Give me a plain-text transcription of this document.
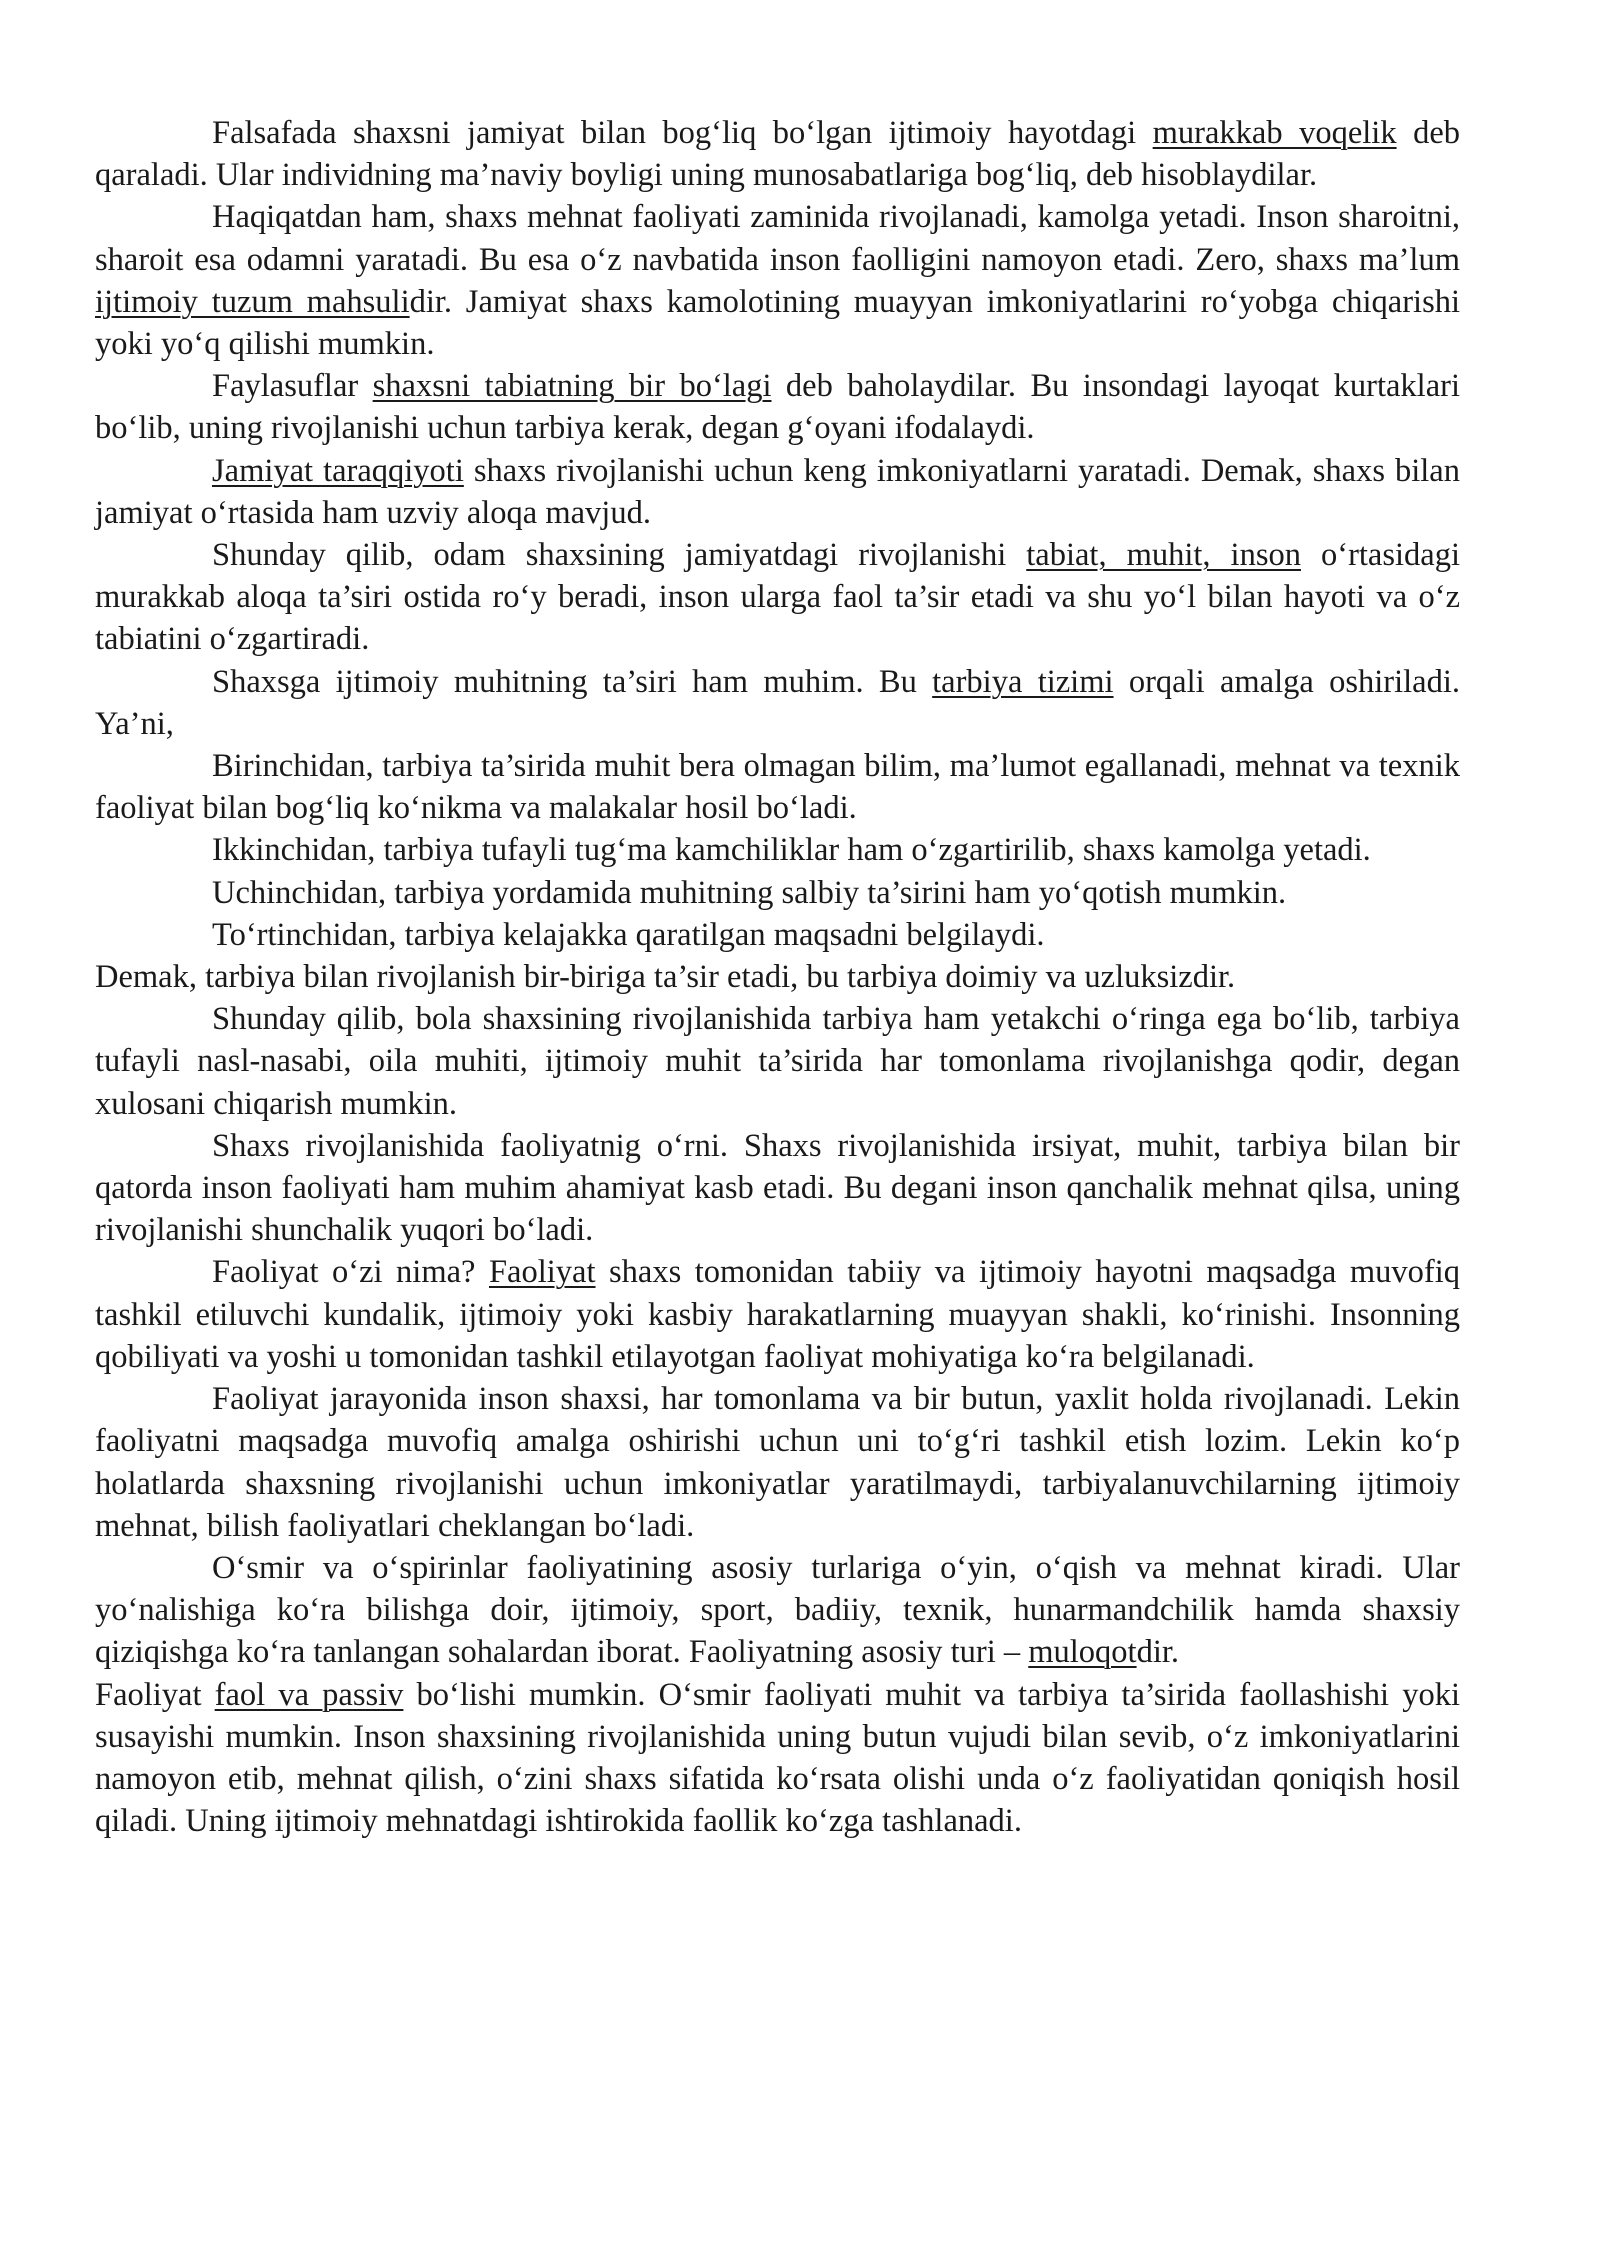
Falsafada shaxsni jamiyat bilan bog‘liq bo‘lgan ijtimoiy hayotdagi murakkab voqelik deb qaraladi. Ular individning ma’naviy boyligi uning munosabatlariga bog‘liq, deb hisoblaydilar.

Haqiqatdan ham, shaxs mehnat faoliyati zaminida rivojlanadi, kamolga yetadi. Inson sharoitni, sharoit esa odamni yaratadi. Bu esa o‘z navbatida inson faolligini namoyon etadi. Zero, shaxs ma’lum ijtimoiy tuzum mahsulidir. Jamiyat shaxs kamolotining muayyan imkoniyatlarini ro‘yobga chiqarishi yoki yo‘q qilishi mumkin.

Faylasuflar shaxsni tabiatning bir bo‘lagi deb baholaydilar. Bu insondagi layoqat kurtaklari bo‘lib, uning rivojlanishi uchun tarbiya kerak, degan g‘oyani ifodalaydi.

Jamiyat taraqqiyoti shaxs rivojlanishi uchun keng imkoniyatlarni yaratadi. Demak, shaxs bilan jamiyat o‘rtasida ham uzviy aloqa mavjud.

Shunday qilib, odam shaxsining jamiyatdagi rivojlanishi tabiat, muhit, inson o‘rtasidagi murakkab aloqa ta’siri ostida ro‘y beradi, inson ularga faol ta’sir etadi va shu yo‘l bilan hayoti va o‘z tabiatini o‘zgartiradi.

Shaxsga ijtimoiy muhitning ta’siri ham muhim. Bu tarbiya tizimi orqali amalga oshiriladi. Ya’ni,

Birinchidan, tarbiya ta’sirida muhit bera olmagan bilim, ma’lumot egallanadi, mehnat va texnik faoliyat bilan bog‘liq ko‘nikma va malakalar hosil bo‘ladi.

Ikkinchidan, tarbiya tufayli tug‘ma kamchiliklar ham o‘zgartirilib, shaxs kamolga yetadi.

Uchinchidan, tarbiya yordamida muhitning salbiy ta’sirini ham yo‘qotish mumkin.

To‘rtinchidan, tarbiya kelajakka qaratilgan maqsadni belgilaydi.

Demak, tarbiya bilan rivojlanish bir-biriga ta’sir etadi, bu tarbiya doimiy va uzluksizdir.

Shunday qilib, bola shaxsining rivojlanishida tarbiya ham yetakchi o‘ringa ega bo‘lib, tarbiya tufayli nasl-nasabi, oila muhiti, ijtimoiy muhit ta’sirida har tomonlama rivojlanishga qodir, degan xulosani chiqarish mumkin.

Shaxs rivojlanishida faoliyatnig o‘rni. Shaxs rivojlanishida irsiyat, muhit, tarbiya bilan bir qatorda inson faoliyati ham muhim ahamiyat kasb etadi. Bu degani inson qanchalik mehnat qilsa, uning rivojlanishi shunchalik yuqori bo‘ladi.

Faoliyat o‘zi nima? Faoliyat shaxs tomonidan tabiiy va ijtimoiy hayotni maqsadga muvofiq tashkil etiluvchi kundalik, ijtimoiy yoki kasbiy harakatlarning muayyan shakli, ko‘rinishi. Insonning qobiliyati va yoshi u tomonidan tashkil etilayotgan faoliyat mohiyatiga ko‘ra belgilanadi.

Faoliyat jarayonida inson shaxsi, har tomonlama va bir butun, yaxlit holda rivojlanadi. Lekin faoliyatni maqsadga muvofiq amalga oshirishi uchun uni to‘g‘ri tashkil etish lozim. Lekin ko‘p holatlarda shaxsning rivojlanishi uchun imkoniyatlar yaratilmaydi, tarbiyalanuvchilarning ijtimoiy mehnat, bilish faoliyatlari cheklangan bo‘ladi.

O‘smir va o‘spirinlar faoliyatining asosiy turlariga o‘yin, o‘qish va mehnat kiradi. Ular yo‘nalishiga ko‘ra bilishga doir, ijtimoiy, sport, badiiy, texnik, hunarmandchilik hamda shaxsiy qiziqishga ko‘ra tanlangan sohalardan iborat. Faoliyatning asosiy turi – muloqotdir.

Faoliyat faol va passiv bo‘lishi mumkin. O‘smir faoliyati muhit va tarbiya ta’sirida faollashishi yoki susayishi mumkin. Inson shaxsining rivojlanishida uning butun vujudi bilan sevib, o‘z imkoniyatlarini namoyon etib, mehnat qilish, o‘zini shaxs sifatida ko‘rsata olishi unda o‘z faoliyatidan qoniqish hosil qiladi. Uning ijtimoiy mehnatdagi ishtirokida faollik ko‘zga tashlanadi.
